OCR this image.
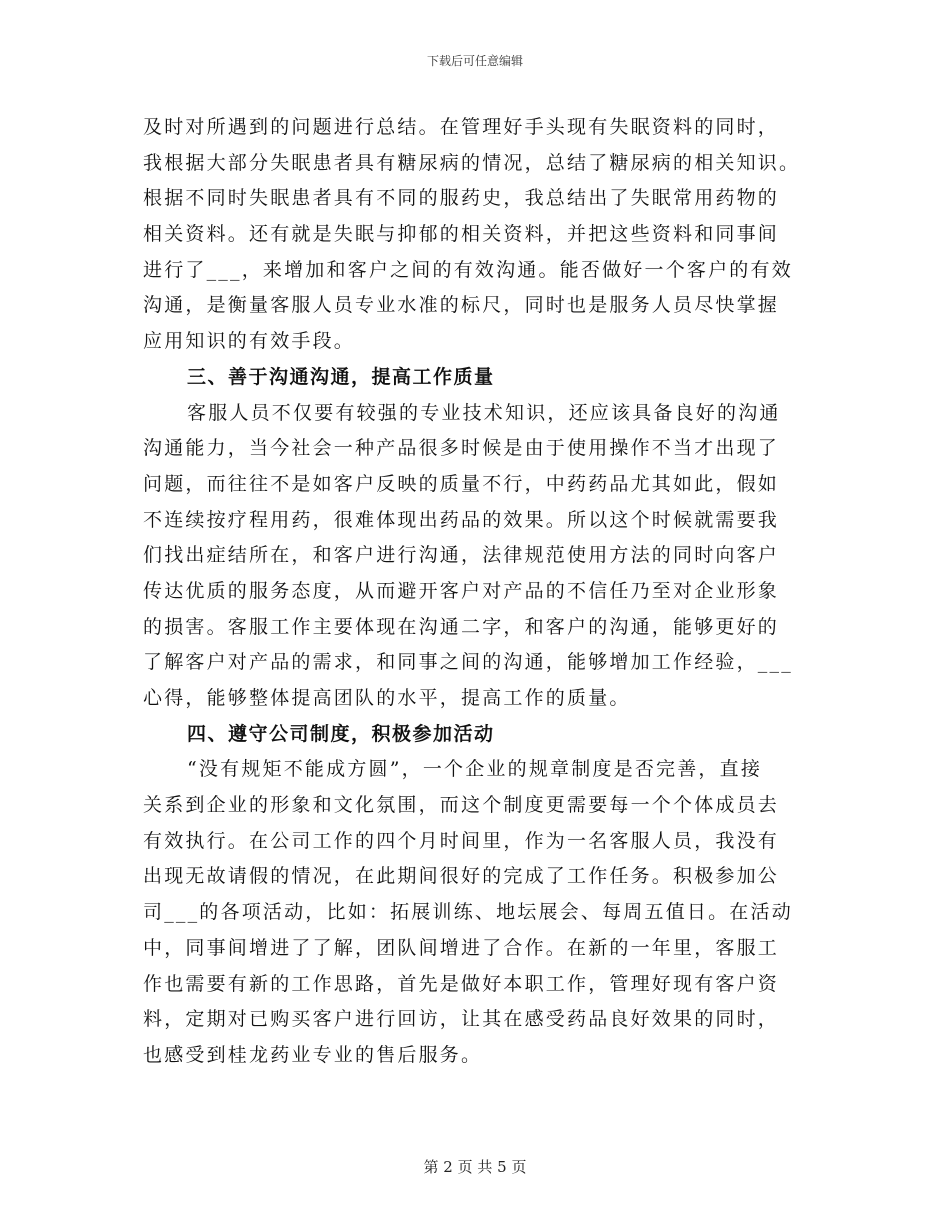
下载后可任意编辑
及时对所遇到的问题进行总结。在管理好手头现有失眠资料的同时，
我根据大部分失眠患者具有糖尿病的情况，总结了糖尿病的相关知识。
根据不同时失眠患者具有不同的服药史，我总结出了失眠常用药物的
相关资料。还有就是失眠与抑郁的相关资料，并把这些资料和同事间
进行了___，来增加和客户之间的有效沟通。能否做好一个客户的有效
沟通，是衡量客服人员专业水准的标尺，同时也是服务人员尽快掌握
应用知识的有效手段。
三、善于沟通沟通，提高工作质量
客服人员不仅要有较强的专业技术知识，还应该具备良好的沟通
沟通能力，当今社会一种产品很多时候是由于使用操作不当才出现了
问题，而往往不是如客户反映的质量不行，中药药品尤其如此，假如
不连续按疗程用药，很难体现出药品的效果。所以这个时候就需要我
们找出症结所在，和客户进行沟通，法律规范使用方法的同时向客户
传达优质的服务态度，从而避开客户对产品的不信任乃至对企业形象
的损害。客服工作主要体现在沟通二字，和客户的沟通，能够更好的
了解客户对产品的需求，和同事之间的沟通，能够增加工作经验，___
心得，能够整体提高团队的水平，提高工作的质量。
四、遵守公司制度，积极参加活动
“没有规矩不能成方圆”，一个企业的规章制度是否完善，直接
关系到企业的形象和文化氛围，而这个制度更需要每一个个体成员去
有效执行。在公司工作的四个月时间里，作为一名客服人员，我没有
出现无故请假的情况，在此期间很好的完成了工作任务。积极参加公
司___的各项活动，比如：拓展训练、地坛展会、每周五值日。在活动
中，同事间增进了了解，团队间增进了合作。在新的一年里，客服工
作也需要有新的工作思路，首先是做好本职工作，管理好现有客户资
料，定期对已购买客户进行回访，让其在感受药品良好效果的同时，
也感受到桂龙药业专业的售后服务。
第 2 页 共 5 页
